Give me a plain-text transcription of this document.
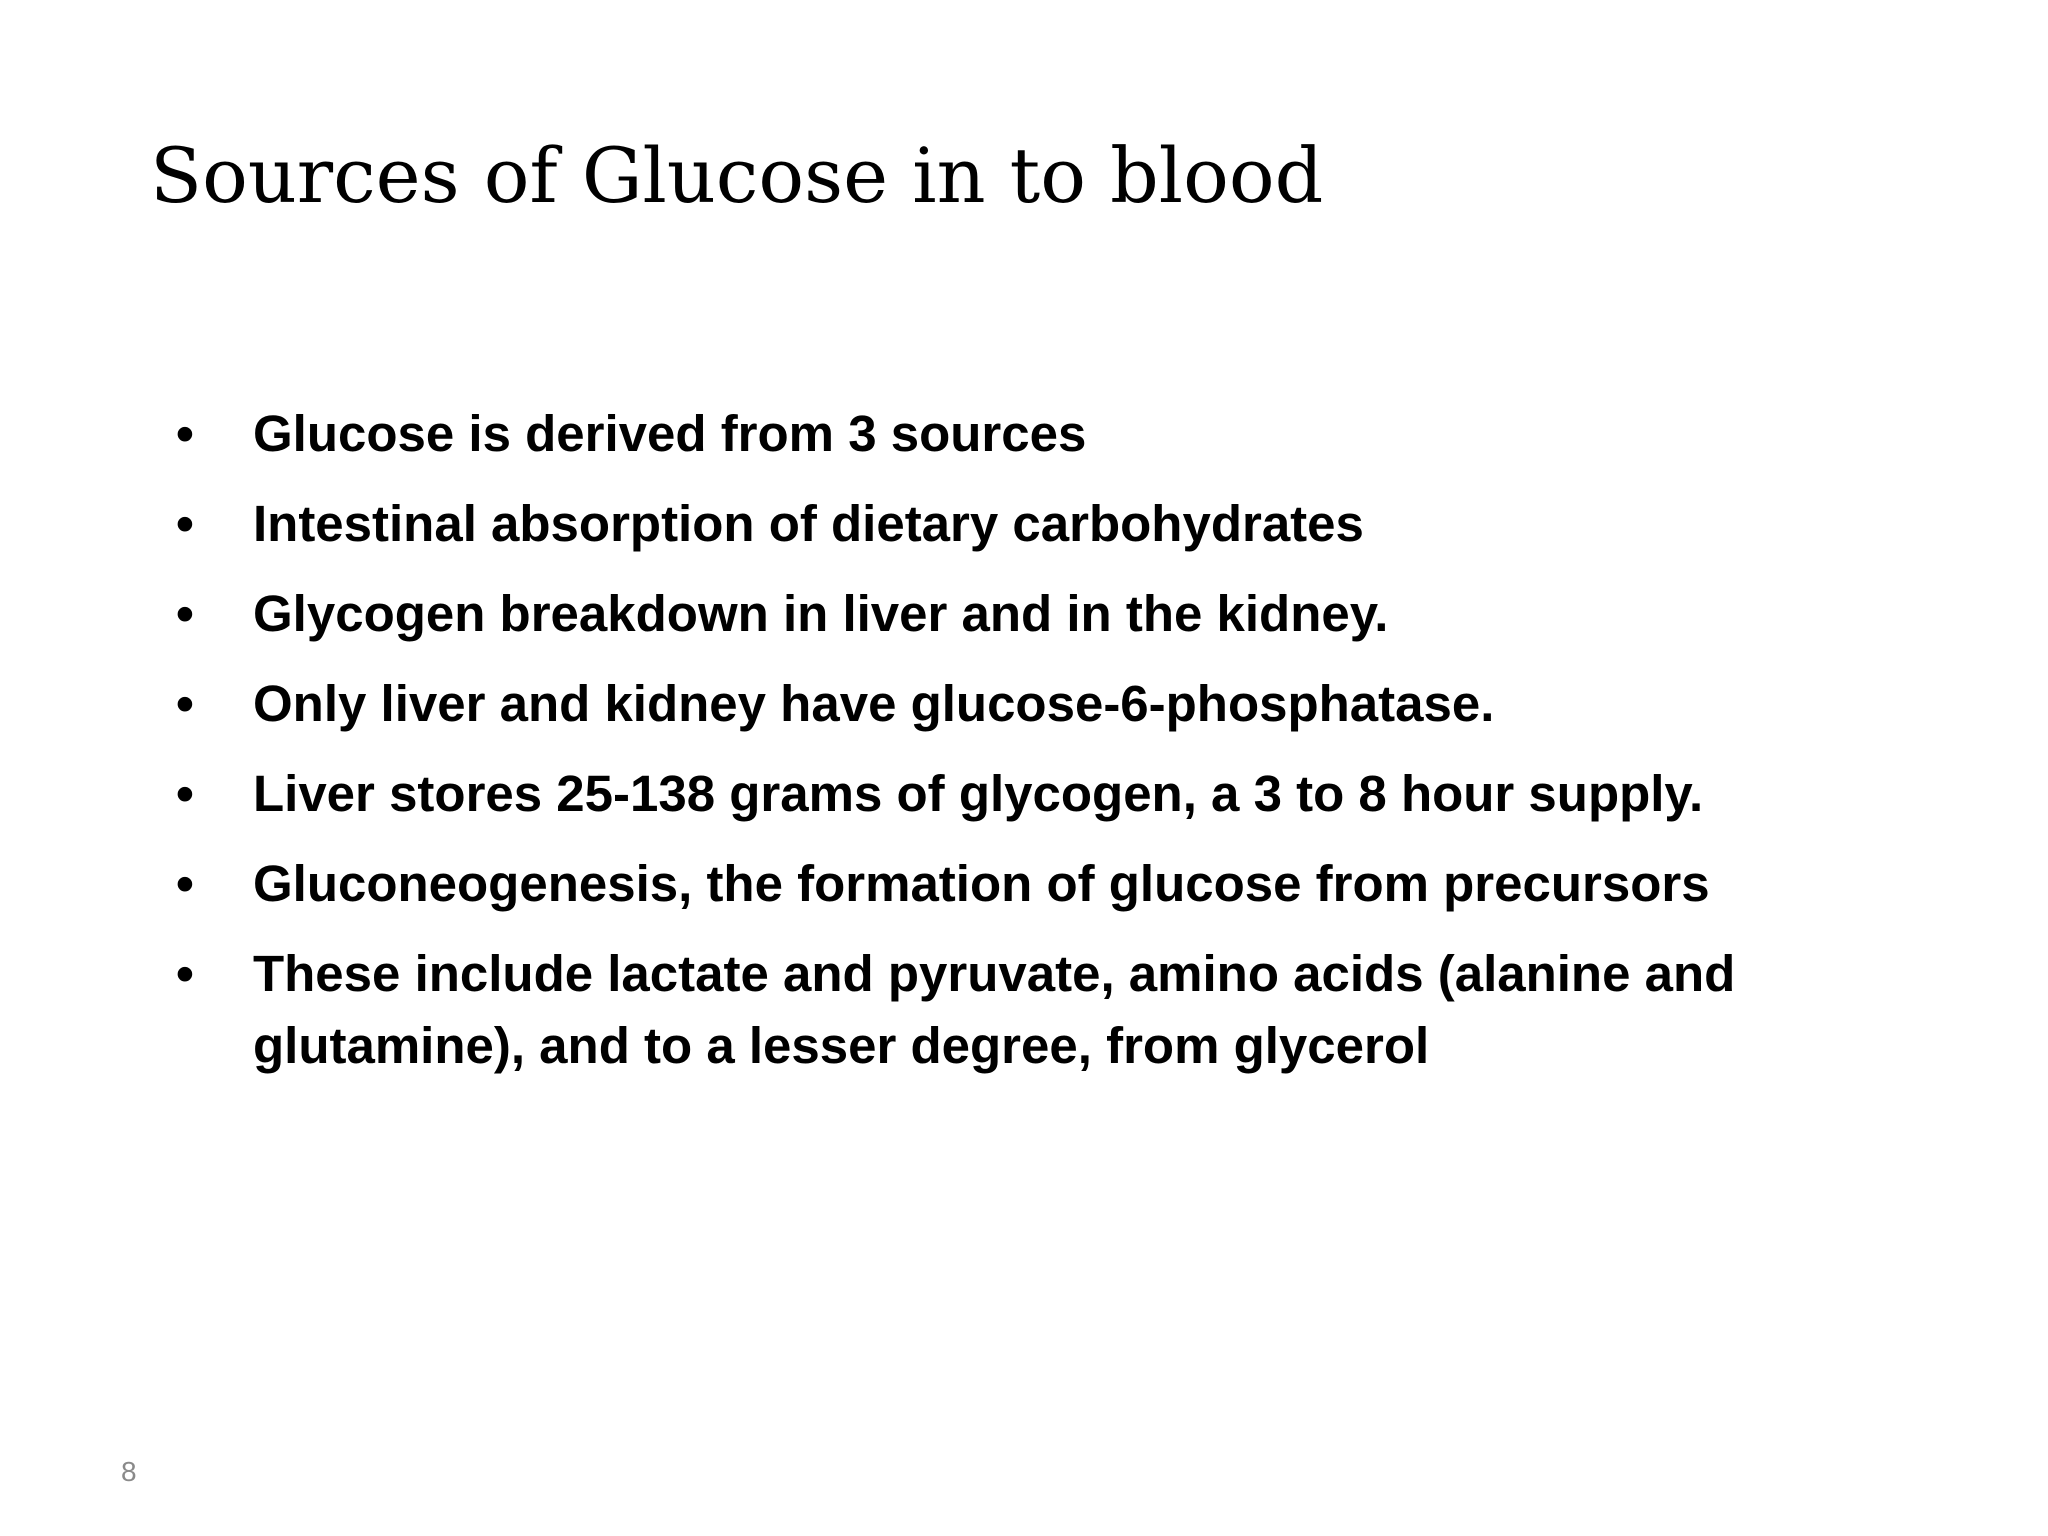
Sources of Glucose in to blood
• Glucose is derived from 3 sources
• Intestinal absorption of dietary carbohydrates
• Glycogen breakdown in liver and in the kidney.
• Only liver and kidney have glucose-6-phosphatase.
• Liver stores 25-138 grams of glycogen, a 3 to 8 hour supply.
• Gluconeogenesis, the formation of glucose from precursors
• These include lactate and pyruvate, amino acids (alanine and glutamine), and to a lesser degree, from glycerol
8
